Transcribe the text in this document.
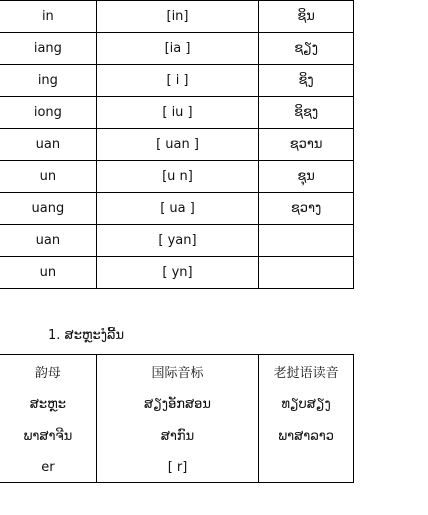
in	[in]	ຊິນ
iang	[ia ]	ຊຽງ
ing	[ i ]	ຊິງ
iong	[ iu ]	ຊິຊງ
uan	[ uan ]	ຊວານ
un	[u n]	ຊຸນ
uang	[ ua ]	ຊວາງ
uan	[ yan]	
un	[ yn]	
1. ສະຫຼະງໍລີ້ນ
韵母	国际音标	老挝语读音
ສະຫຼະ	ສຽງອັກສອນ	ທຽບສຽງ
ພາສາຈີນ	ສາກົນ	ພາສາລາວ
er	[ r]	
